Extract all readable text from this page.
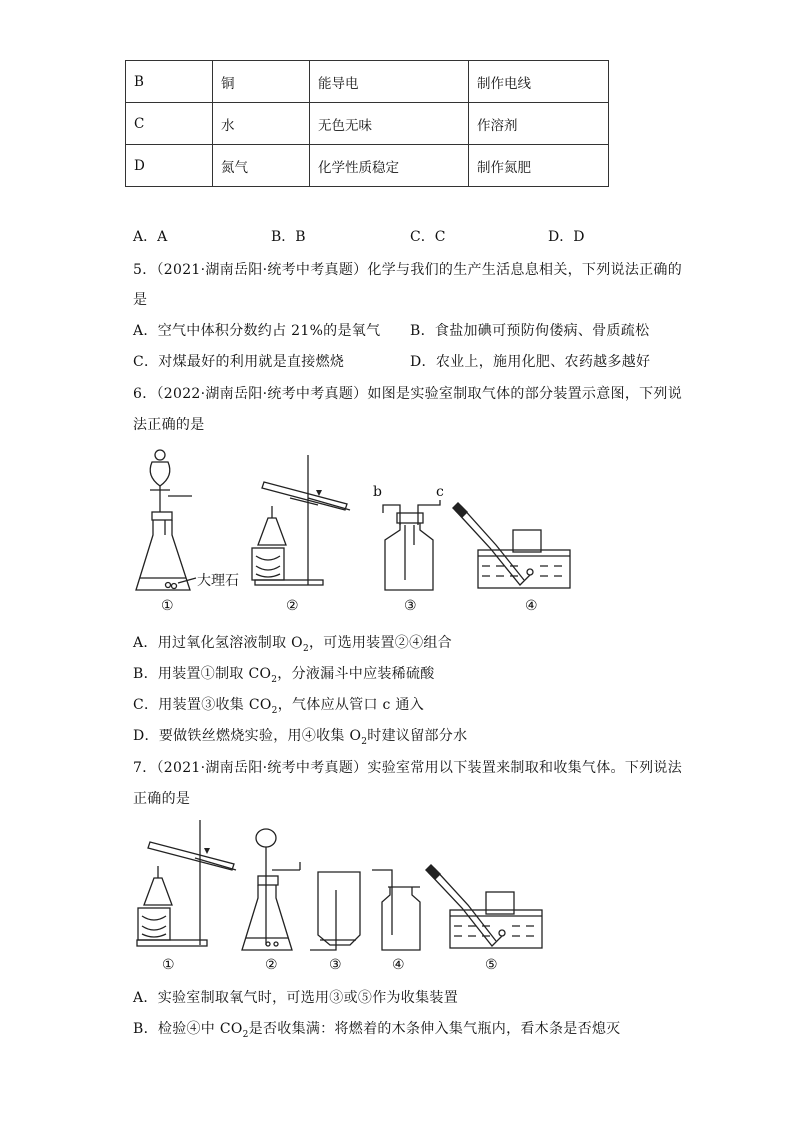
B	铜	能导电	制作电线
C	水	无色无味	作溶剂
D	氮气	化学性质稳定	制作氮肥
A．A	B．B	C．C	D．D
5．（2021·湖南岳阳·统考中考真题）化学与我们的生产生活息息相关，下列说法正确的
是
A．空气中体积分数约占 21%的是氧气 B．食盐加碘可预防佝偻病、骨质疏松
C．对煤最好的利用就是直接燃烧	D．农业上，施用化肥、农药越多越好
6．（2022·湖南岳阳·统考中考真题）如图是实验室制取气体的部分装置示意图，下列说
法正确的是
大理石
b	c
①	②	③	④
A．用过氧化氢溶液制取 $O_2$，可选用装置②④组合
B．用装置①制取 $CO_2$，分液漏斗中应装稀硫酸
C．用装置③收集 $CO_2$，气体应从管口 c 通入
D．要做铁丝燃烧实验，用④收集 $O_2$时建议留部分水
7．（2021·湖南岳阳·统考中考真题）实验室常用以下装置来制取和收集气体。下列说法
正确的是
①	②	③	④	⑤
A．实验室制取氧气时，可选用③或⑤作为收集装置
B．检验④中 $CO_2$是否收集满：将燃着的木条伸入集气瓶内，看木条是否熄灭
